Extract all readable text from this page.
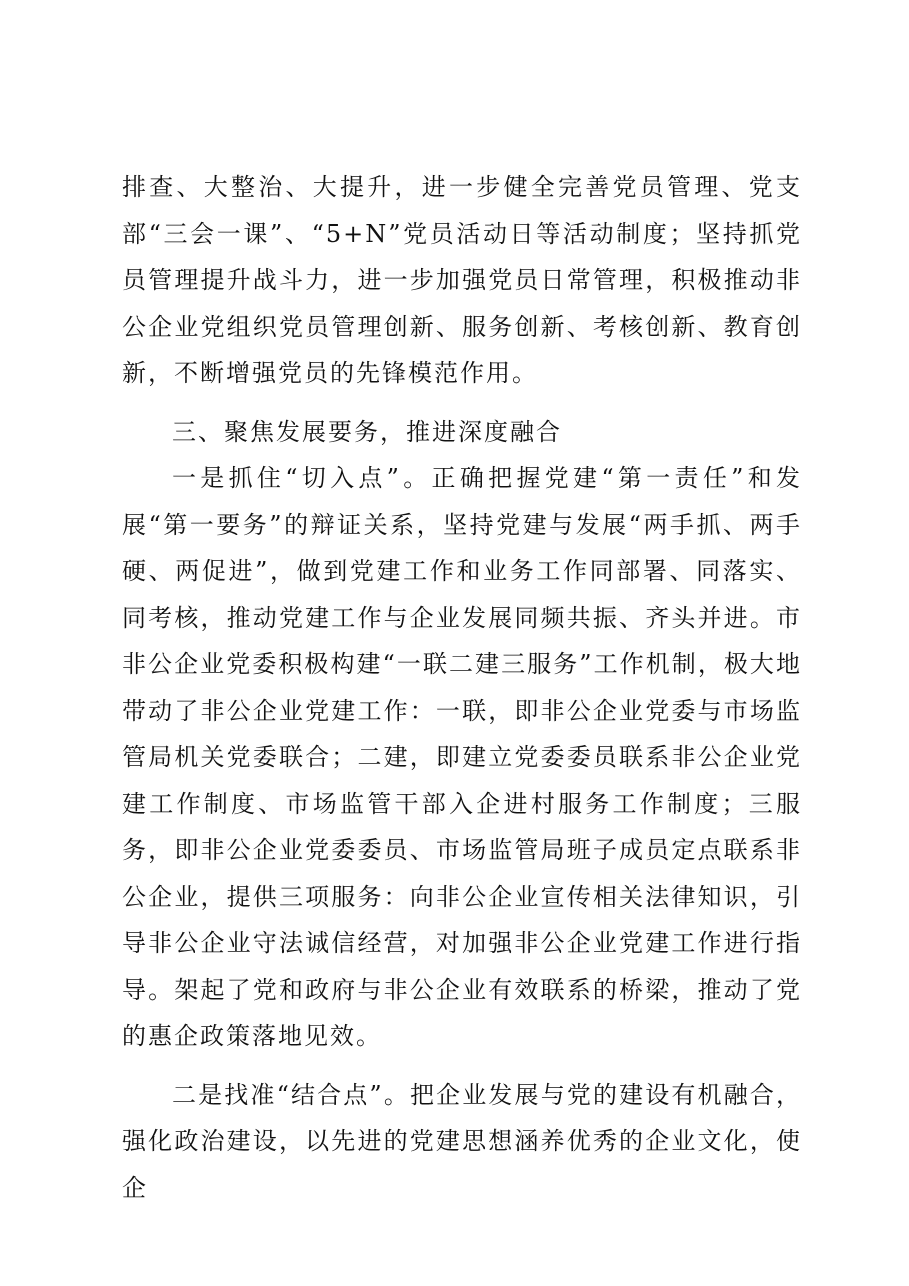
排查、大整治、大提升，进一步健全完善党员管理、党支部“三会一课”、“5+N”党员活动日等活动制度；坚持抓党员管理提升战斗力，进一步加强党员日常管理，积极推动非公企业党组织党员管理创新、服务创新、考核创新、教育创新，不断增强党员的先锋模范作用。

三、聚焦发展要务，推进深度融合

一是抓住“切入点”。正确把握党建“第一责任”和发展“第一要务”的辩证关系，坚持党建与发展“两手抓、两手硬、两促进”，做到党建工作和业务工作同部署、同落实、同考核，推动党建工作与企业发展同频共振、齐头并进。市非公企业党委积极构建“一联二建三服务”工作机制，极大地带动了非公企业党建工作：一联，即非公企业党委与市场监管局机关党委联合；二建，即建立党委委员联系非公企业党建工作制度、市场监管干部入企进村服务工作制度；三服务，即非公企业党委委员、市场监管局班子成员定点联系非公企业，提供三项服务：向非公企业宣传相关法律知识，引导非公企业守法诚信经营，对加强非公企业党建工作进行指导。架起了党和政府与非公企业有效联系的桥梁，推动了党的惠企政策落地见效。

二是找准“结合点”。把企业发展与党的建设有机融合，强化政治建设，以先进的党建思想涵养优秀的企业文化，使企
